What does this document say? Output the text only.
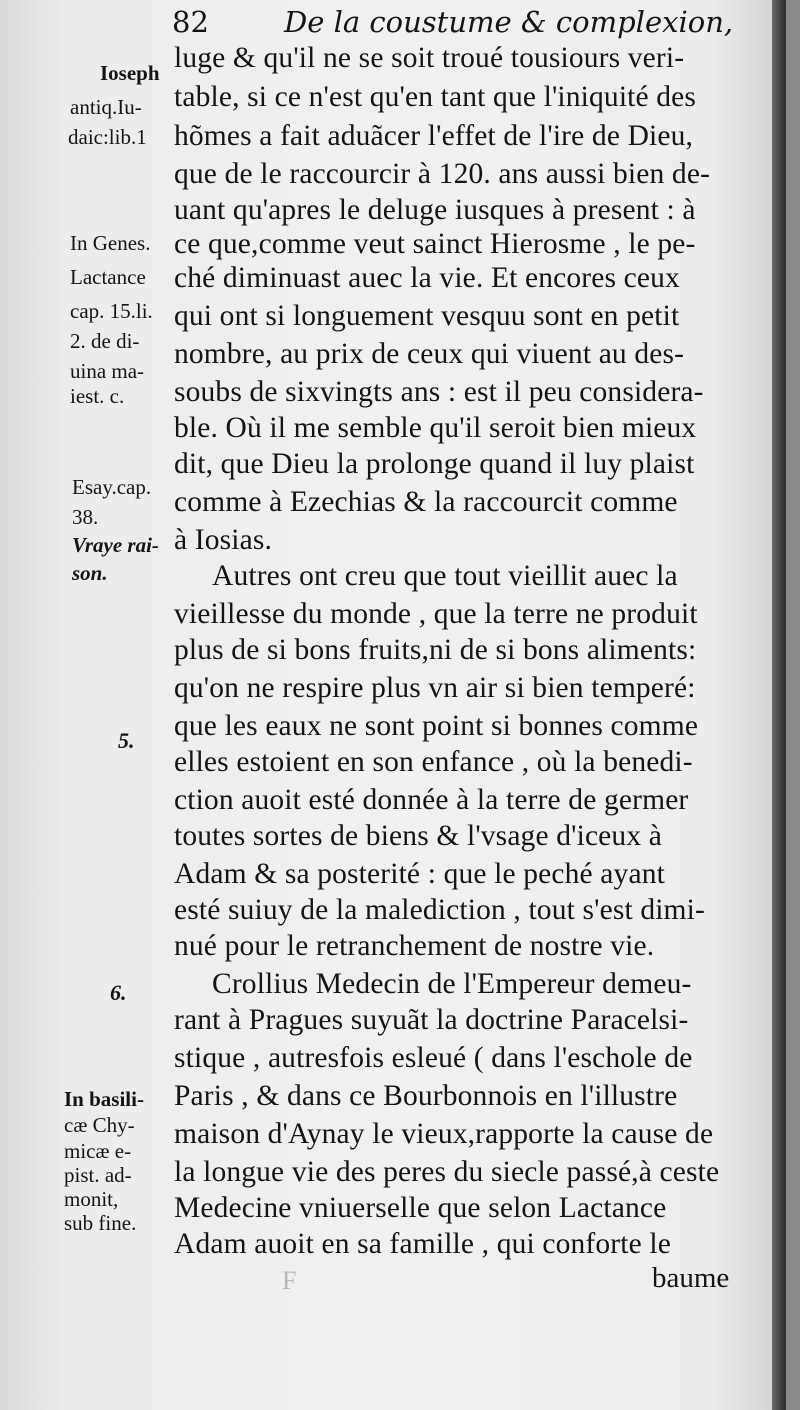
82	De la coustume & complexion,
Ioseph
antiq.Iu-
daic:lib.1
In Genes.
Lactance
cap. 15.li.
2. de di-
uina ma-
iest. c.
Esay.cap.
38.
Vraye rai-
son.
5.
6.
In basili-
cæ Chy-
micæ e-
pist. ad-
monit,
sub fine.
luge & qu'il ne se soit troué tousiours veri-
table, si ce n'est qu'en tant que l'iniquité des
hõmes a fait aduãcer l'effet de l'ire de Dieu,
que de le raccourcir à 120. ans aussi bien de-
uant qu'apres le deluge iusques à present : à
ce que,comme veut sainct Hierosme , le pe-
ché diminuast auec la vie. Et encores ceux
qui ont si longuement vesquu sont en petit
nombre, au prix de ceux qui viuent au des-
soubs de sixvingts ans : est il peu considera-
ble. Où il me semble qu'il seroit bien mieux
dit, que Dieu la prolonge quand il luy plaist
comme à Ezechias & la raccourcit comme
à Iosias.
Autres ont creu que tout vieillit auec la
vieillesse du monde , que la terre ne produit
plus de si bons fruits,ni de si bons aliments:
qu'on ne respire plus vn air si bien temperé:
que les eaux ne sont point si bonnes comme
elles estoient en son enfance , où la benedi-
ction auoit esté donnée à la terre de germer
toutes sortes de biens & l'vsage d'iceux à
Adam & sa posterité : que le peché ayant
esté suiuy de la malediction , tout s'est dimi-
nué pour le retranchement de nostre vie.
Crollius Medecin de l'Empereur demeu-
rant à Pragues suyuãt la doctrine Paracelsi-
stique , autresfois esleué ( dans l'eschole de
Paris , & dans ce Bourbonnois en l'illustre
maison d'Aynay le vieux,rapporte la cause de
la longue vie des peres du siecle passé,à ceste
Medecine vniuerselle que selon Lactance
Adam auoit en sa famille , qui conforte le
baume
F
